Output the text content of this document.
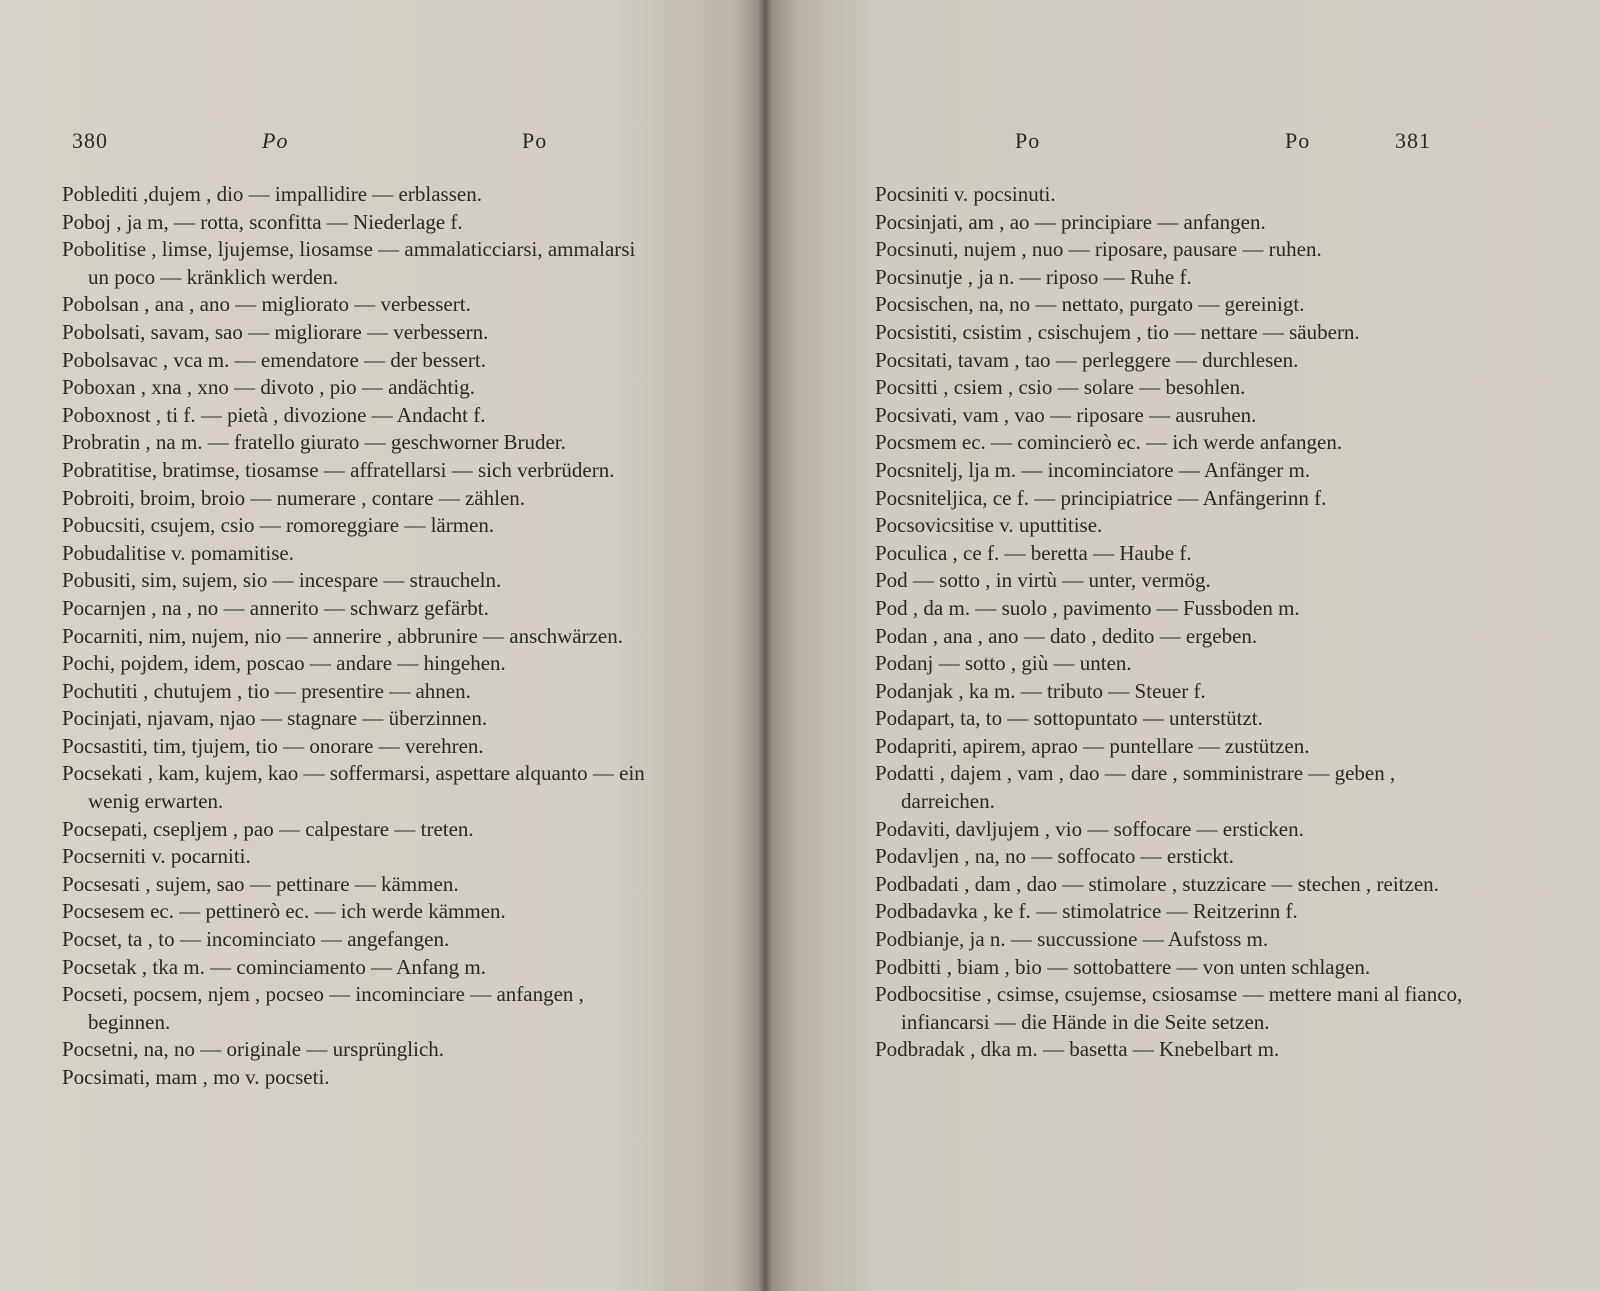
380	Po	Po
Poblediti ,dujem , dio — impallidire — erblassen.
Poboj , ja m, — rotta, sconfitta — Niederlage f.
Pobolitise , limse, ljujemse, liosamse — ammalaticciarsi, ammalarsi un poco — kränklich werden.
Pobolsan , ana , ano — migliorato — verbessert.
Pobolsati, savam, sao — migliorare — verbessern.
Pobolsavac , vca m. — emendatore — der bessert.
Poboxan , xna , xno — divoto , pio — andächtig.
Poboxnost , ti f. — pietà , divozione — Andacht f.
Probratin , na m. — fratello giurato — geschworner Bruder.
Pobratitise, bratimse, tiosamse — affratellarsi — sich verbrüdern.
Pobroiti, broim, broio — numerare , contare — zählen.
Pobucsiti, csujem, csio — romoreggiare — lärmen.
Pobudalitise v. pomamitise.
Pobusiti, sim, sujem, sio — incespare — straucheln.
Pocarnjen , na , no — annerito — schwarz gefärbt.
Pocarniti, nim, nujem, nio — annerire , abbrunire — anschwärzen.
Pochi, pojdem, idem, poscao — andare — hingehen.
Pochutiti , chutujem , tio — presentire — ahnen.
Pocinjati, njavam, njao — stagnare — überzinnen.
Pocsastiti, tim, tjujem, tio — onorare — verehren.
Pocsekati , kam, kujem, kao — soffermarsi, aspettare alquanto — ein wenig erwarten.
Pocsepati, csepljem , pao — calpestare — treten.
Pocserniti v. pocarniti.
Pocsesati , sujem, sao — pettinare — kämmen.
Pocsesem ec. — pettinerò ec. — ich werde kämmen.
Pocset, ta , to — incominciato — angefangen.
Pocsetak , tka m. — cominciamento — Anfang m.
Pocseti, pocsem, njem , pocseo — incominciare — anfangen , beginnen.
Pocsetni, na, no — originale — ursprünglich.
Pocsimati, mam , mo v. pocseti.
Po	Po	381
Pocsiniti v. pocsinuti.
Pocsinjati, am , ao — principiare — anfangen.
Pocsinuti, nujem , nuo — riposare, pausare — ruhen.
Pocsinutje , ja n. — riposo — Ruhe f.
Pocsischen, na, no — nettato, purgato — gereinigt.
Pocsistiti, csistim , csischujem , tio — nettare — säubern.
Pocsitati, tavam , tao — perleggere — durchlesen.
Pocsitti , csiem , csio — solare — besohlen.
Pocsivati, vam , vao — riposare — ausruhen.
Pocsmem ec. — comincierò ec. — ich werde anfangen.
Pocsnitelj, lja m. — incominciatore — Anfänger m.
Pocsniteljica, ce f. — principiatrice — Anfängerinn f.
Pocsovicsitise v. uputtitise.
Poculica , ce f. — beretta — Haube f.
Pod — sotto , in virtù — unter, vermög.
Pod , da m. — suolo , pavimento — Fussboden m.
Podan , ana , ano — dato , dedito — ergeben.
Podanj — sotto , giù — unten.
Podanjak , ka m. — tributo — Steuer f.
Podapart, ta, to — sottopuntato — unterstützt.
Podapriti, apirem, aprao — puntellare — zustützen.
Podatti , dajem , vam , dao — dare , somministrare — geben , darreichen.
Podaviti, davljujem , vio — soffocare — ersticken.
Podavljen , na, no — soffocato — erstickt.
Podbadati , dam , dao — stimolare , stuzzicare — stechen , reitzen.
Podbadavka , ke f. — stimolatrice — Reitzerinn f.
Podbianje, ja n. — succussione — Aufstoss m.
Podbitti , biam , bio — sottobattere — von unten schlagen.
Podbocsitise , csimse, csujemse, csiosamse — mettere mani al fianco, infiancarsi — die Hände in die Seite setzen.
Podbradak , dka m. — basetta — Knebelbart m.
